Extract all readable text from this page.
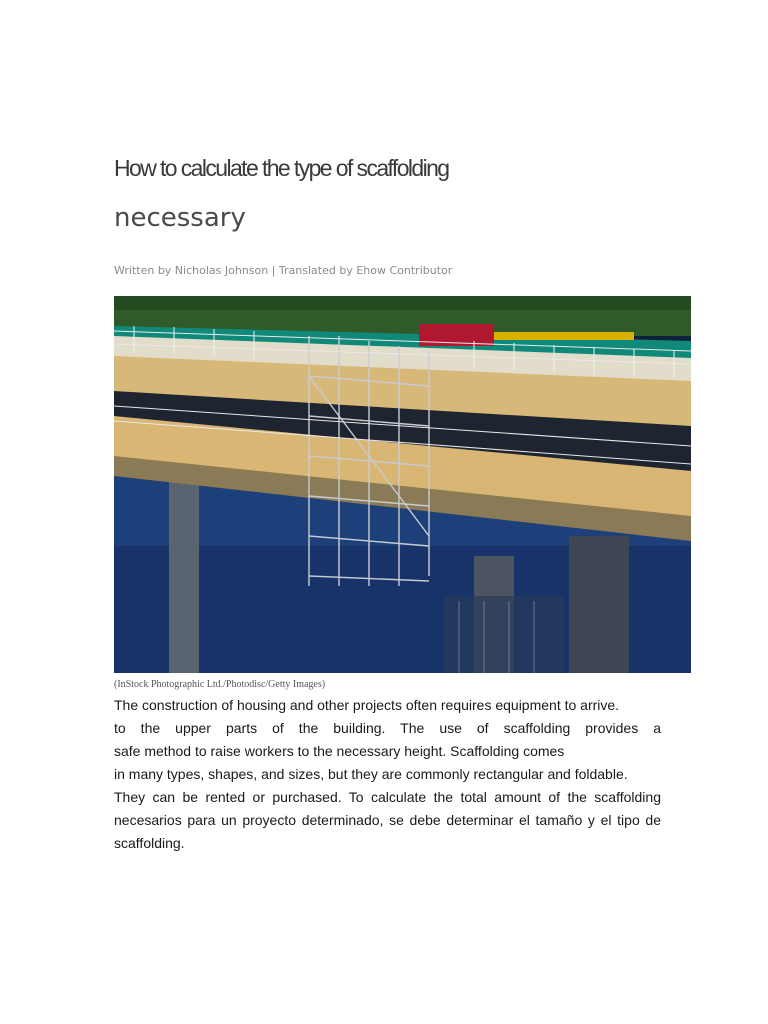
How to calculate the type of scaffolding
necessary
Written by Nicholas Johnson | Translated by Ehow Contributor
(InStock Photographic Ltd./Photodisc/Getty Images)

The construction of housing and other projects often requires equipment to arrive.

to the upper parts of the building. The use of scaffolding provides a

safe method to raise workers to the necessary height. Scaffolding comes

in many types, shapes, and sizes, but they are commonly rectangular and foldable.

They can be rented or purchased. To calculate the total amount of the scaffolding

necesarios para un proyecto determinado, se debe determinar el tamaño y el tipo de

scaffolding.
